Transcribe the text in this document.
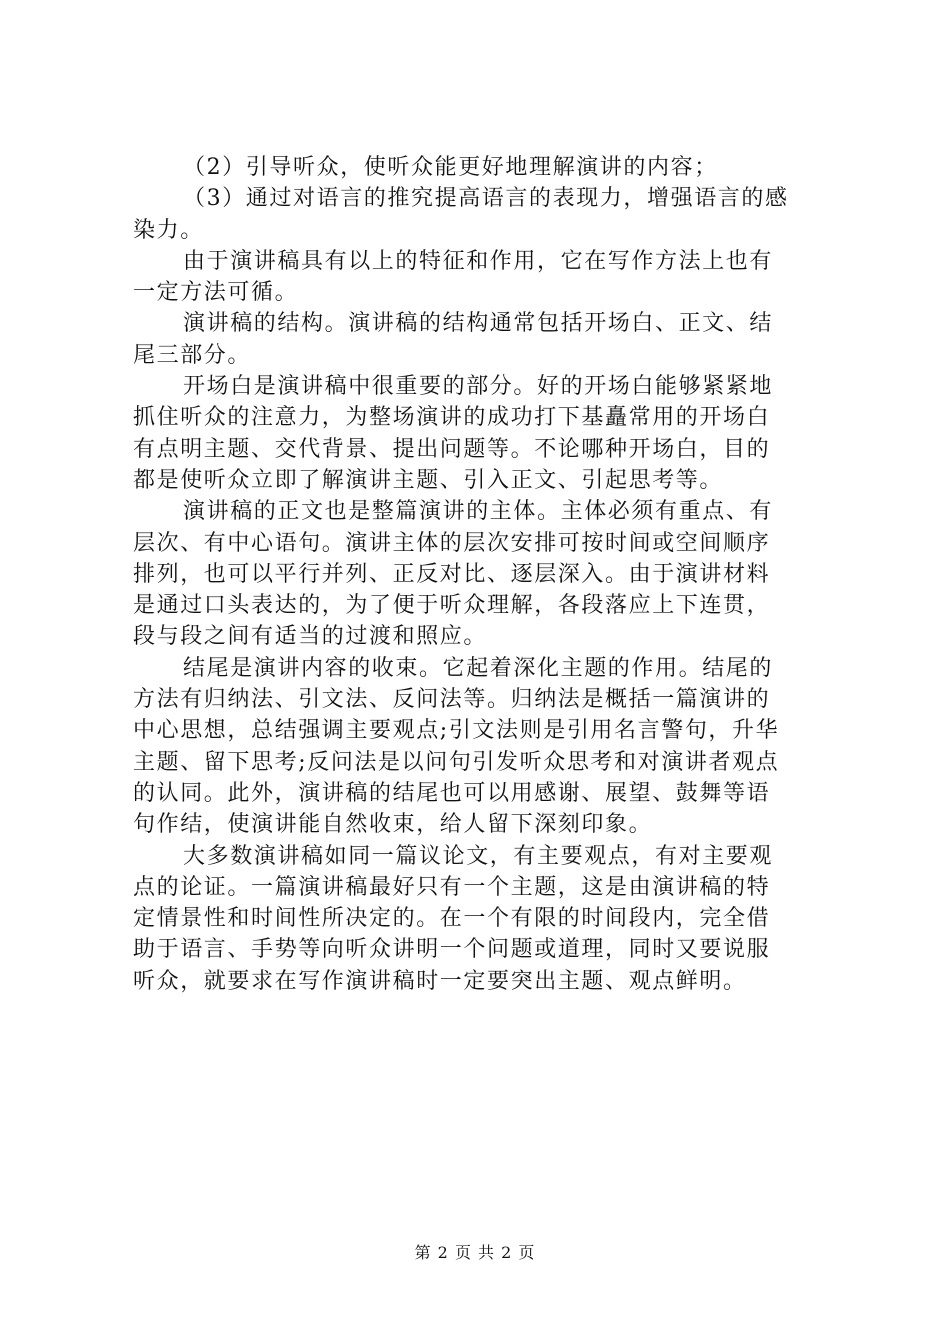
（2）引导听众，使听众能更好地理解演讲的内容；
（3）通过对语言的推究提高语言的表现力，增强语言的感
染力。
由于演讲稿具有以上的特征和作用，它在写作方法上也有
一定方法可循。
演讲稿的结构。演讲稿的结构通常包括开场白、正文、结
尾三部分。
开场白是演讲稿中很重要的部分。好的开场白能够紧紧地
抓住听众的注意力，为整场演讲的成功打下基矗常用的开场白
有点明主题、交代背景、提出问题等。不论哪种开场白，目的
都是使听众立即了解演讲主题、引入正文、引起思考等。
演讲稿的正文也是整篇演讲的主体。主体必须有重点、有
层次、有中心语句。演讲主体的层次安排可按时间或空间顺序
排列，也可以平行并列、正反对比、逐层深入。由于演讲材料
是通过口头表达的，为了便于听众理解，各段落应上下连贯，
段与段之间有适当的过渡和照应。
结尾是演讲内容的收束。它起着深化主题的作用。结尾的
方法有归纳法、引文法、反问法等。归纳法是概括一篇演讲的
中心思想，总结强调主要观点;引文法则是引用名言警句，升华
主题、留下思考;反问法是以问句引发听众思考和对演讲者观点
的认同。此外，演讲稿的结尾也可以用感谢、展望、鼓舞等语
句作结，使演讲能自然收束，给人留下深刻印象。
大多数演讲稿如同一篇议论文，有主要观点，有对主要观
点的论证。一篇演讲稿最好只有一个主题，这是由演讲稿的特
定情景性和时间性所决定的。在一个有限的时间段内，完全借
助于语言、手势等向听众讲明一个问题或道理，同时又要说服
听众，就要求在写作演讲稿时一定要突出主题、观点鲜明。
第 2 页 共 2 页
